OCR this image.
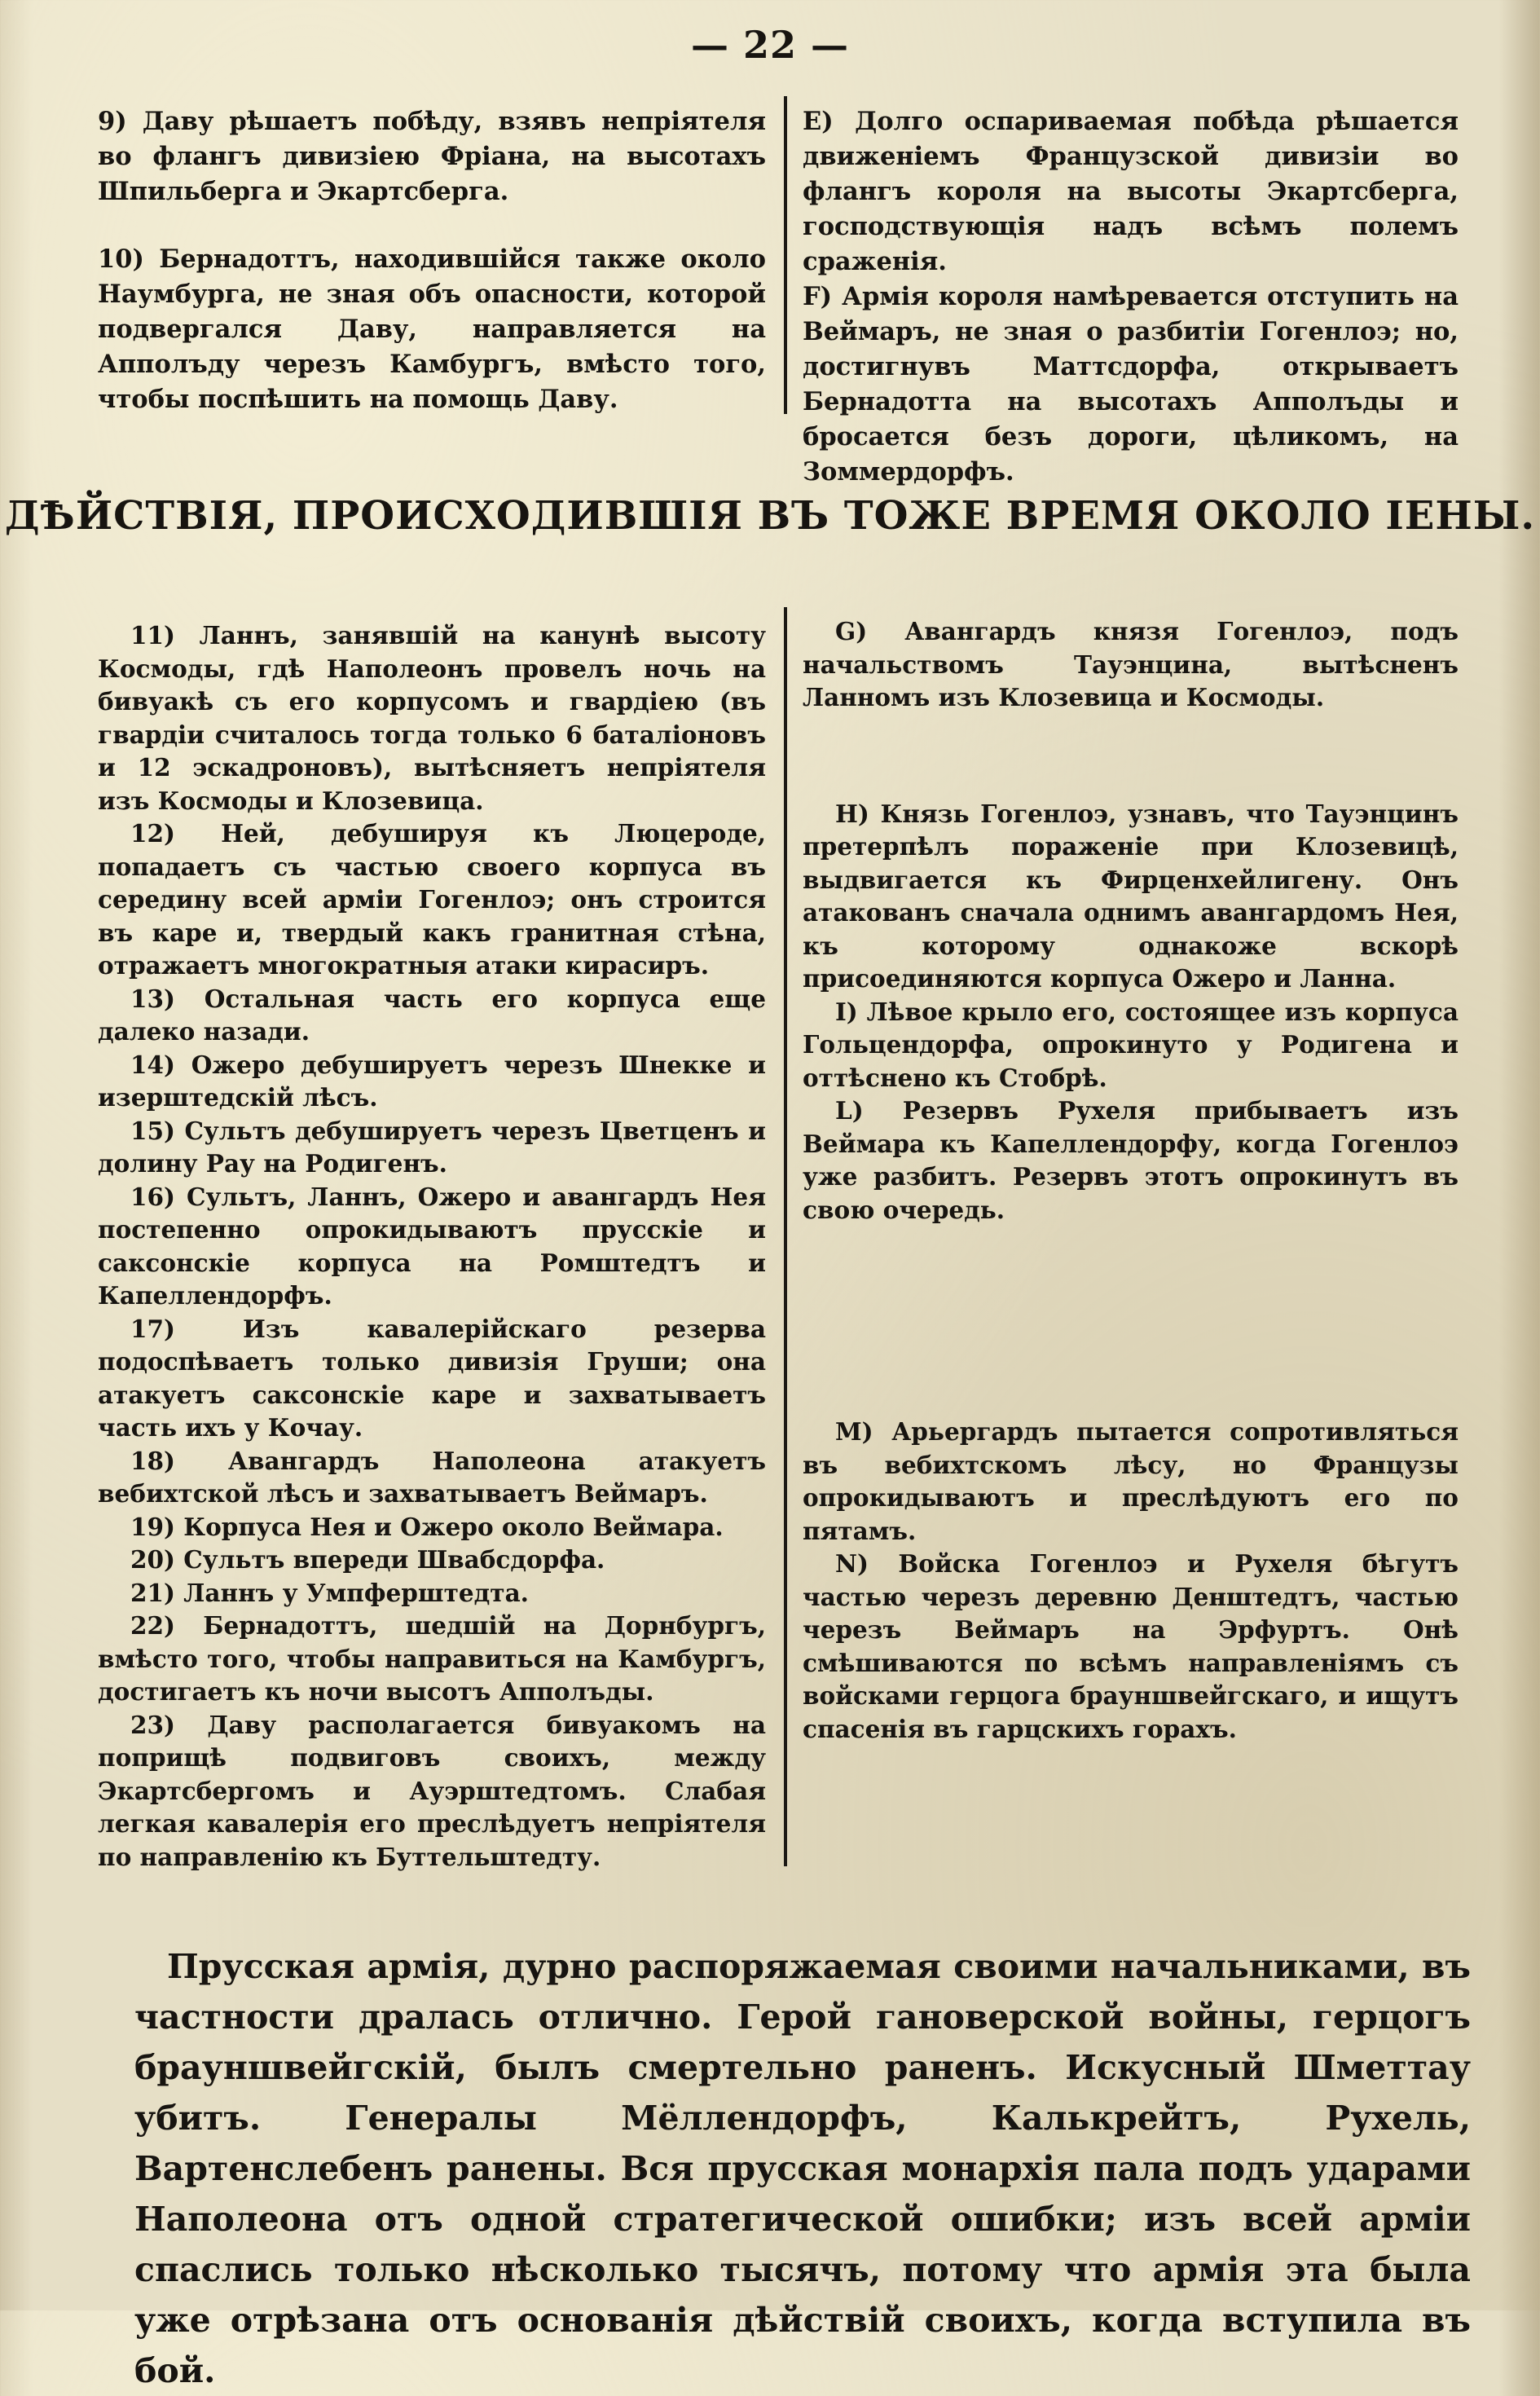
— 22 —

9) Даву рѣшаетъ побѣду, взявъ непріятеля во флангъ дивизіею Фріана, на высотахъ Шпильберга и Экартсберга.

10) Бернадоттъ, находившійся также около Наумбурга, не зная объ опасности, которой подвергался Даву, направляется на Апполъду черезъ Камбургъ, вмѣсто того, чтобы поспѣшить на помощь Даву.

E) Долго оспариваемая побѣда рѣшается движеніемъ Французской дивизіи во флангъ короля на высоты Экартсберга, господствующія надъ всѣмъ полемъ сраженія.

F) Армія короля намѣревается отступить на Веймаръ, не зная о разбитіи Гогенлоэ; но, достигнувъ Маттсдорфа, открываетъ Бернадотта на высотахъ Апполъды и бросается безъ дороги, цѣликомъ, на Зоммердорфъ.

ДѢЙСТВІЯ, ПРОИСХОДИВШІЯ ВЪ ТОЖЕ ВРЕМЯ ОКОЛО ІЕНЫ.

11) Ланнъ, занявшій на канунѣ высоту Космоды, гдѣ Наполеонъ провелъ ночь на бивуакѣ съ его корпусомъ и гвардіею (въ гвардіи считалось тогда только 6 баталіоновъ и 12 эскадроновъ), вытѣсняетъ непріятеля изъ Космоды и Клозевица.

12) Ней, дебушируя къ Люцероде, попадаетъ съ частью своего корпуса въ середину всей арміи Гогенлоэ; онъ строится въ каре и, твердый какъ гранитная стѣна, отражаетъ многократныя атаки кирасиръ.

13) Остальная часть его корпуса еще далеко назади.

14) Ожеро дебушируетъ черезъ Шнекке и изерштедскій лѣсъ.

15) Сультъ дебушируетъ черезъ Цветценъ и долину Рау на Родигенъ.

16) Сультъ, Ланнъ, Ожеро и авангардъ Нея постепенно опрокидываютъ прусскіе и саксонскіе корпуса на Ромштедтъ и Капеллендорфъ.

17) Изъ кавалерійскаго резерва подоспѣваетъ только дивизія Груши; она атакуетъ саксонскіе каре и захватываетъ часть ихъ у Кочау.

18) Авангардъ Наполеона атакуетъ вебихтской лѣсъ и захватываетъ Веймаръ.

19) Корпуса Нея и Ожеро около Веймара.

20) Сультъ впереди Швабсдорфа.

21) Ланнъ у Умпферштедта.

22) Бернадоттъ, шедшій на Дорнбургъ, вмѣсто того, чтобы направиться на Камбургъ, достигаетъ къ ночи высотъ Апполъды.

23) Даву располагается бивуакомъ на поприщѣ подвиговъ своихъ, между Экартсбергомъ и Ауэрштедтомъ. Слабая легкая кавалерія его преслѣдуетъ непріятеля по направленію къ Буттельштедту.

G) Авангардъ князя Гогенлоэ, подъ начальствомъ Тауэнцина, вытѣсненъ Ланномъ изъ Клозевица и Космоды.

H) Князь Гогенлоэ, узнавъ, что Тауэнцинъ претерпѣлъ пораженіе при Клозевицѣ, выдвигается къ Фирценхейлигену. Онъ атакованъ сначала однимъ авангардомъ Нея, къ которому однакоже вскорѣ присоединяются корпуса Ожеро и Ланна.

I) Лѣвое крыло его, состоящее изъ корпуса Гольцендорфа, опрокинуто у Родигена и оттѣснено къ Стобрѣ.

L) Резервъ Рухеля прибываетъ изъ Веймара къ Капеллендорфу, когда Гогенлоэ уже разбитъ. Резервъ этотъ опрокинутъ въ свою очередь.

M) Арьергардъ пытается сопротивляться въ вебихтскомъ лѣсу, но Французы опрокидываютъ и преслѣдуютъ его по пятамъ.

N) Войска Гогенлоэ и Рухеля бѣгутъ частью черезъ деревню Денштедтъ, частью черезъ Веймаръ на Эрфуртъ. Онѣ смѣшиваются по всѣмъ направленіямъ съ войсками герцога брауншвейгскаго, и ищутъ спасенія въ гарцскихъ горахъ.

Прусская армія, дурно распоряжаемая своими начальниками, въ частности дралась отлично. Герой гановерской войны, герцогъ брауншвейгскій, былъ смертельно раненъ. Искусный Шметтау убитъ. Генералы Мёллендорфъ, Калькрейтъ, Рухель, Вартенслебенъ ранены. Вся прусская монархія пала подъ ударами Наполеона отъ одной стратегической ошибки; изъ всей арміи спаслись только нѣсколько тысячъ, потому что армія эта была уже отрѣзана отъ основанія дѣйствій своихъ, когда вступила въ бой.
